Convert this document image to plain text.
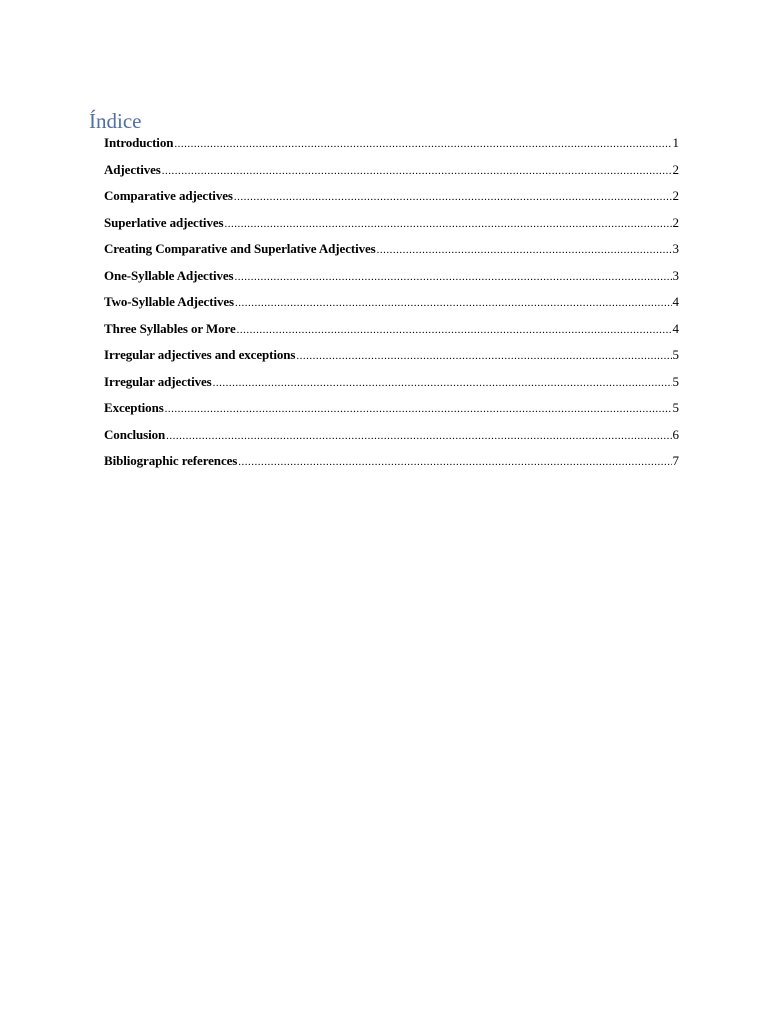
Índice
Introduction .....	1
Adjectives .....	2
Comparative adjectives .....	2
Superlative adjectives .....	2
Creating Comparative and Superlative Adjectives .....	3
One-Syllable Adjectives .....	3
Two-Syllable Adjectives .....	4
Three Syllables or More .....	4
Irregular adjectives and exceptions .....	5
Irregular adjectives .....	5
Exceptions .....	5
Conclusion .....	6
Bibliographic references .....	7
